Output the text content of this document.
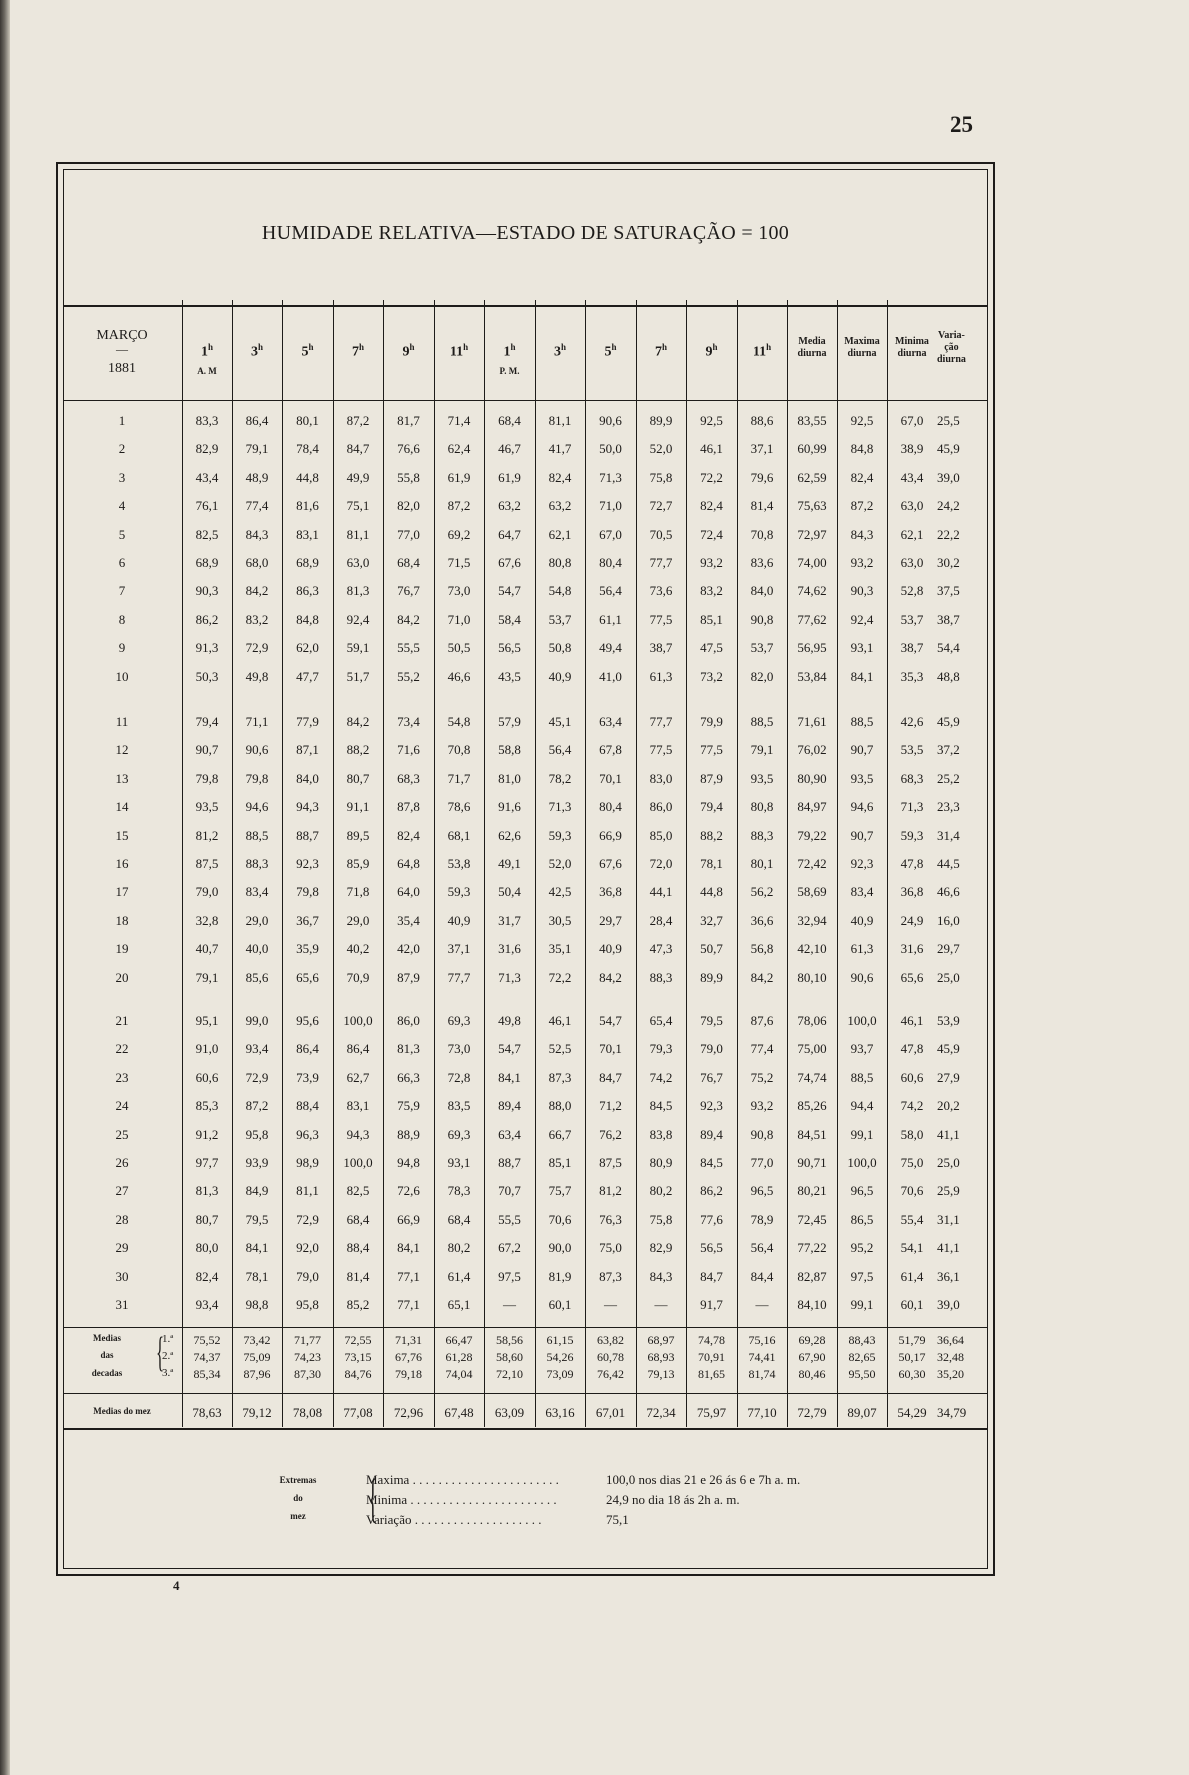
25
HUMIDADE RELATIVA—ESTADO DE SATURAÇÃO = 100
MARÇO
—
1881
1$^h$	3$^h$	5$^h$	7$^h$	9$^h$	11$^h$	1$^h$	3$^h$	5$^h$	7$^h$	9$^h$	11$^h$
A. M	P. M.
Media
diurna
Maxima
diurna
Minima
diurna
Varia-
ção
diurna
1	83,3	86,4	80,1	87,2	81,7	71,4	68,4	81,1	90,6	89,9	92,5	88,6	83,55	92,5	67,0	25,5
2	82,9	79,1	78,4	84,7	76,6	62,4	46,7	41,7	50,0	52,0	46,1	37,1	60,99	84,8	38,9	45,9
3	43,4	48,9	44,8	49,9	55,8	61,9	61,9	82,4	71,3	75,8	72,2	79,6	62,59	82,4	43,4	39,0
4	76,1	77,4	81,6	75,1	82,0	87,2	63,2	63,2	71,0	72,7	82,4	81,4	75,63	87,2	63,0	24,2
5	82,5	84,3	83,1	81,1	77,0	69,2	64,7	62,1	67,0	70,5	72,4	70,8	72,97	84,3	62,1	22,2
6	68,9	68,0	68,9	63,0	68,4	71,5	67,6	80,8	80,4	77,7	93,2	83,6	74,00	93,2	63,0	30,2
7	90,3	84,2	86,3	81,3	76,7	73,0	54,7	54,8	56,4	73,6	83,2	84,0	74,62	90,3	52,8	37,5
8	86,2	83,2	84,8	92,4	84,2	71,0	58,4	53,7	61,1	77,5	85,1	90,8	77,62	92,4	53,7	38,7
9	91,3	72,9	62,0	59,1	55,5	50,5	56,5	50,8	49,4	38,7	47,5	53,7	56,95	93,1	38,7	54,4
10	50,3	49,8	47,7	51,7	55,2	46,6	43,5	40,9	41,0	61,3	73,2	82,0	53,84	84,1	35,3	48,8
11	79,4	71,1	77,9	84,2	73,4	54,8	57,9	45,1	63,4	77,7	79,9	88,5	71,61	88,5	42,6	45,9
12	90,7	90,6	87,1	88,2	71,6	70,8	58,8	56,4	67,8	77,5	77,5	79,1	76,02	90,7	53,5	37,2
13	79,8	79,8	84,0	80,7	68,3	71,7	81,0	78,2	70,1	83,0	87,9	93,5	80,90	93,5	68,3	25,2
14	93,5	94,6	94,3	91,1	87,8	78,6	91,6	71,3	80,4	86,0	79,4	80,8	84,97	94,6	71,3	23,3
15	81,2	88,5	88,7	89,5	82,4	68,1	62,6	59,3	66,9	85,0	88,2	88,3	79,22	90,7	59,3	31,4
16	87,5	88,3	92,3	85,9	64,8	53,8	49,1	52,0	67,6	72,0	78,1	80,1	72,42	92,3	47,8	44,5
17	79,0	83,4	79,8	71,8	64,0	59,3	50,4	42,5	36,8	44,1	44,8	56,2	58,69	83,4	36,8	46,6
18	32,8	29,0	36,7	29,0	35,4	40,9	31,7	30,5	29,7	28,4	32,7	36,6	32,94	40,9	24,9	16,0
19	40,7	40,0	35,9	40,2	42,0	37,1	31,6	35,1	40,9	47,3	50,7	56,8	42,10	61,3	31,6	29,7
20	79,1	85,6	65,6	70,9	87,9	77,7	71,3	72,2	84,2	88,3	89,9	84,2	80,10	90,6	65,6	25,0
21	95,1	99,0	95,6	100,0	86,0	69,3	49,8	46,1	54,7	65,4	79,5	87,6	78,06	100,0	46,1	53,9
22	91,0	93,4	86,4	86,4	81,3	73,0	54,7	52,5	70,1	79,3	79,0	77,4	75,00	93,7	47,8	45,9
23	60,6	72,9	73,9	62,7	66,3	72,8	84,1	87,3	84,7	74,2	76,7	75,2	74,74	88,5	60,6	27,9
24	85,3	87,2	88,4	83,1	75,9	83,5	89,4	88,0	71,2	84,5	92,3	93,2	85,26	94,4	74,2	20,2
25	91,2	95,8	96,3	94,3	88,9	69,3	63,4	66,7	76,2	83,8	89,4	90,8	84,51	99,1	58,0	41,1
26	97,7	93,9	98,9	100,0	94,8	93,1	88,7	85,1	87,5	80,9	84,5	77,0	90,71	100,0	75,0	25,0
27	81,3	84,9	81,1	82,5	72,6	78,3	70,7	75,7	81,2	80,2	86,2	96,5	80,21	96,5	70,6	25,9
28	80,7	79,5	72,9	68,4	66,9	68,4	55,5	70,6	76,3	75,8	77,6	78,9	72,45	86,5	55,4	31,1
29	80,0	84,1	92,0	88,4	84,1	80,2	67,2	90,0	75,0	82,9	56,5	56,4	77,22	95,2	54,1	41,1
30	82,4	78,1	79,0	81,4	77,1	61,4	97,5	81,9	87,3	84,3	84,7	84,4	82,87	97,5	61,4	36,1
31	93,4	98,8	95,8	85,2	77,1	65,1	—	60,1	—	—	91,7	—	84,10	99,1	60,1	39,0
Medias
das
decadas {
1.ª
2.ª
3.ª
75,52	73,42	71,77	72,55	71,31	66,47	58,56	61,15	63,82	68,97	74,78	75,16	69,28	88,43	51,79 36,64
74,37	75,09	74,23	73,15	67,76	61,28	58,60	54,26	60,78	68,93	70,91	74,41	67,90	82,65	50,17 32,48
85,34	87,96	87,30	84,76	79,18	74,04	72,10	73,09	76,42	79,13	81,65	81,74	80,46	95,50	60,30 35,20
Medias do mez	78,63	79,12	78,08	77,08	72,96	67,48	63,09	63,16	67,01	72,34	75,97	77,10	72,79	89,07	54,29 34,79
Extremas
do
mez	{
Maxima . . . . . . . . . . . . . . . . . . . . . . .	100,0 nos dias 21 e 26 ás 6 e 7h a. m.
Minima . . . . . . . . . . . . . . . . . . . . . . .	24,9 no dia 18 ás 2h a. m.
Variação . . . . . . . . . . . . . . . . . . . .	75,1
4
